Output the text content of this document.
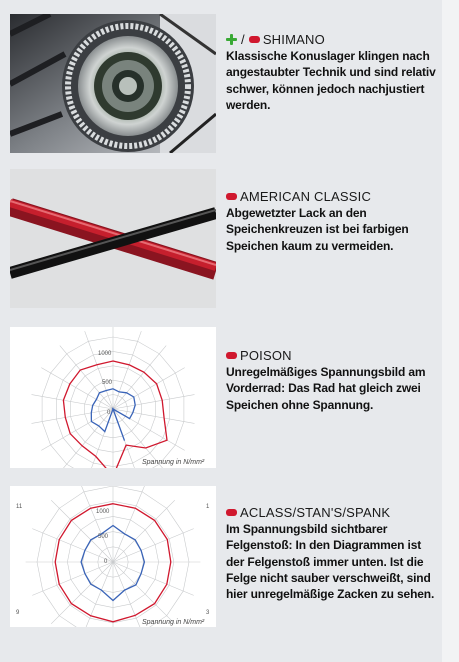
/ SHIMANO
Klassische Konuslager klingen nach angestaubter Technik und sind relativ schwer, können jedoch nachjustiert werden.
AMERICAN CLASSIC
Abgewetzter Lack an den Speichenkreuzen ist bei farbigen Speichen kaum zu vermeiden.
1000
500
0
Spannung in N/mm²
POISON
Unregelmäßiges Spannungsbild am Vorderrad: Das Rad hat gleich zwei Speichen ohne Spannung.
1000
500
0
11	1
9	3
Spannung in N/mm²
ACLASS/STAN'S/SPANK
Im Spannungsbild sichtbarer Felgenstoß: In den Diagrammen ist der Felgenstoß immer unten. Ist die Felge nicht sauber verschweißt, sind hier unregelmäßige Zacken zu sehen.
